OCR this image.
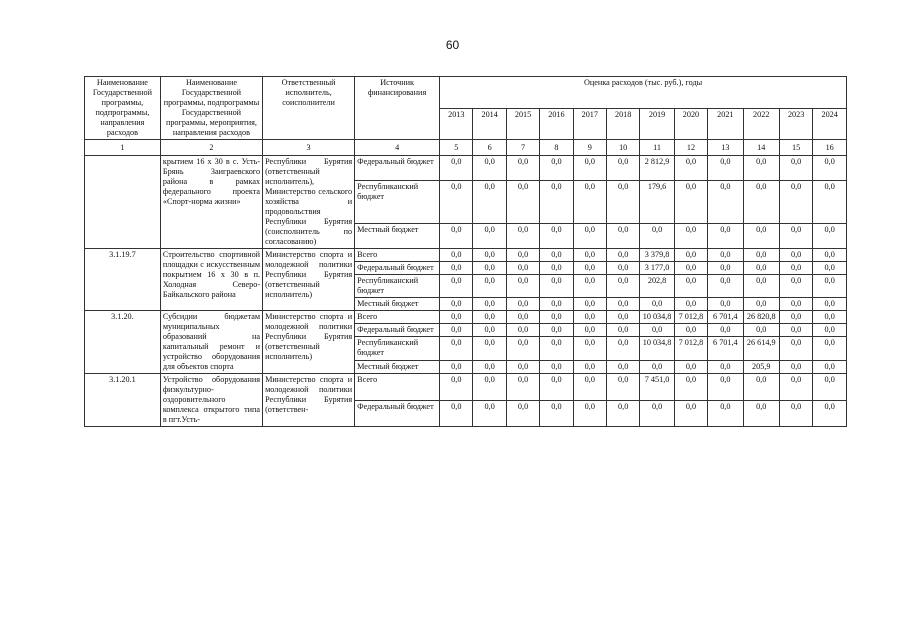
60
Наименование Государственной программы, подпрограммы, направления расходов	Наименование Государственной программы, подпрограммы Государственной программы, мероприятия, направления расходов	Ответственный исполнитель, соисполнители	Источник финансирования	Оценка расходов (тыс. руб.), годы											
				2013	2014	2015	2016	2017	2018	2019	2020	2021	2022	2023	2024
1	2	3	4	5	6	7	8	9	10	11	12	13	14	15	16
	крытием 16 х 30 в с. Усть-Брянь Заиграевского района в рамках федерального проекта «Спорт-норма жизни»	Республики Бурятия (ответственный исполнитель), Министерство сельского хозяйства и продовольствия Республики Бурятия (соисполнитель по согласованию)	Федеральный бюджет	0,0	0,0	0,0	0,0	0,0	0,0	2 812,9	0,0	0,0	0,0	0,0	0,0
			Республиканский бюджет	0,0	0,0	0,0	0,0	0,0	0,0	179,6	0,0	0,0	0,0	0,0	0,0
			Местный бюджет	0,0	0,0	0,0	0,0	0,0	0,0	0,0	0,0	0,0	0,0	0,0	0,0
3.1.19.7	Строительство спортивной площадки с искусственным покрытием 16 х 30 в п. Холодная Северо-Байкальского района	Министерство спорта и молодежной политики Республики Бурятия (ответственный исполнитель)	Всего	0,0	0,0	0,0	0,0	0,0	0,0	3 379,8	0,0	0,0	0,0	0,0	0,0
			Федеральный бюджет	0,0	0,0	0,0	0,0	0,0	0,0	3 177,0	0,0	0,0	0,0	0,0	0,0
			Республиканский бюджет	0,0	0,0	0,0	0,0	0,0	0,0	202,8	0,0	0,0	0,0	0,0	0,0
			Местный бюджет	0,0	0,0	0,0	0,0	0,0	0,0	0,0	0,0	0,0	0,0	0,0	0,0
3.1.20.	Субсидии бюджетам муниципальных образований на капитальный ремонт и устройство оборудования для объектов спорта	Министерство спорта и молодежной политики Республики Бурятия (ответственный исполнитель)	Всего	0,0	0,0	0,0	0,0	0,0	0,0	10 034,8	7 012,8	6 701,4	26 820,8	0,0	0,0
			Федеральный бюджет	0,0	0,0	0,0	0,0	0,0	0,0	0,0	0,0	0,0	0,0	0,0	0,0
			Республиканский бюджет	0,0	0,0	0,0	0,0	0,0	0,0	10 034,8	7 012,8	6 701,4	26 614,9	0,0	0,0
			Местный бюджет	0,0	0,0	0,0	0,0	0,0	0,0	0,0	0,0	0,0	205,9	0,0	0,0
3.1.20.1	Устройство оборудования физкультурно-оздоровительного комплекса открытого типа в пгт.Усть-	Министерство спорта и молодежной политики Республики Бурятия (ответствен-	Всего	0,0	0,0	0,0	0,0	0,0	0,0	7 451,0	0,0	0,0	0,0	0,0	0,0
			Федеральный бюджет	0,0	0,0	0,0	0,0	0,0	0,0	0,0	0,0	0,0	0,0	0,0	0,0
